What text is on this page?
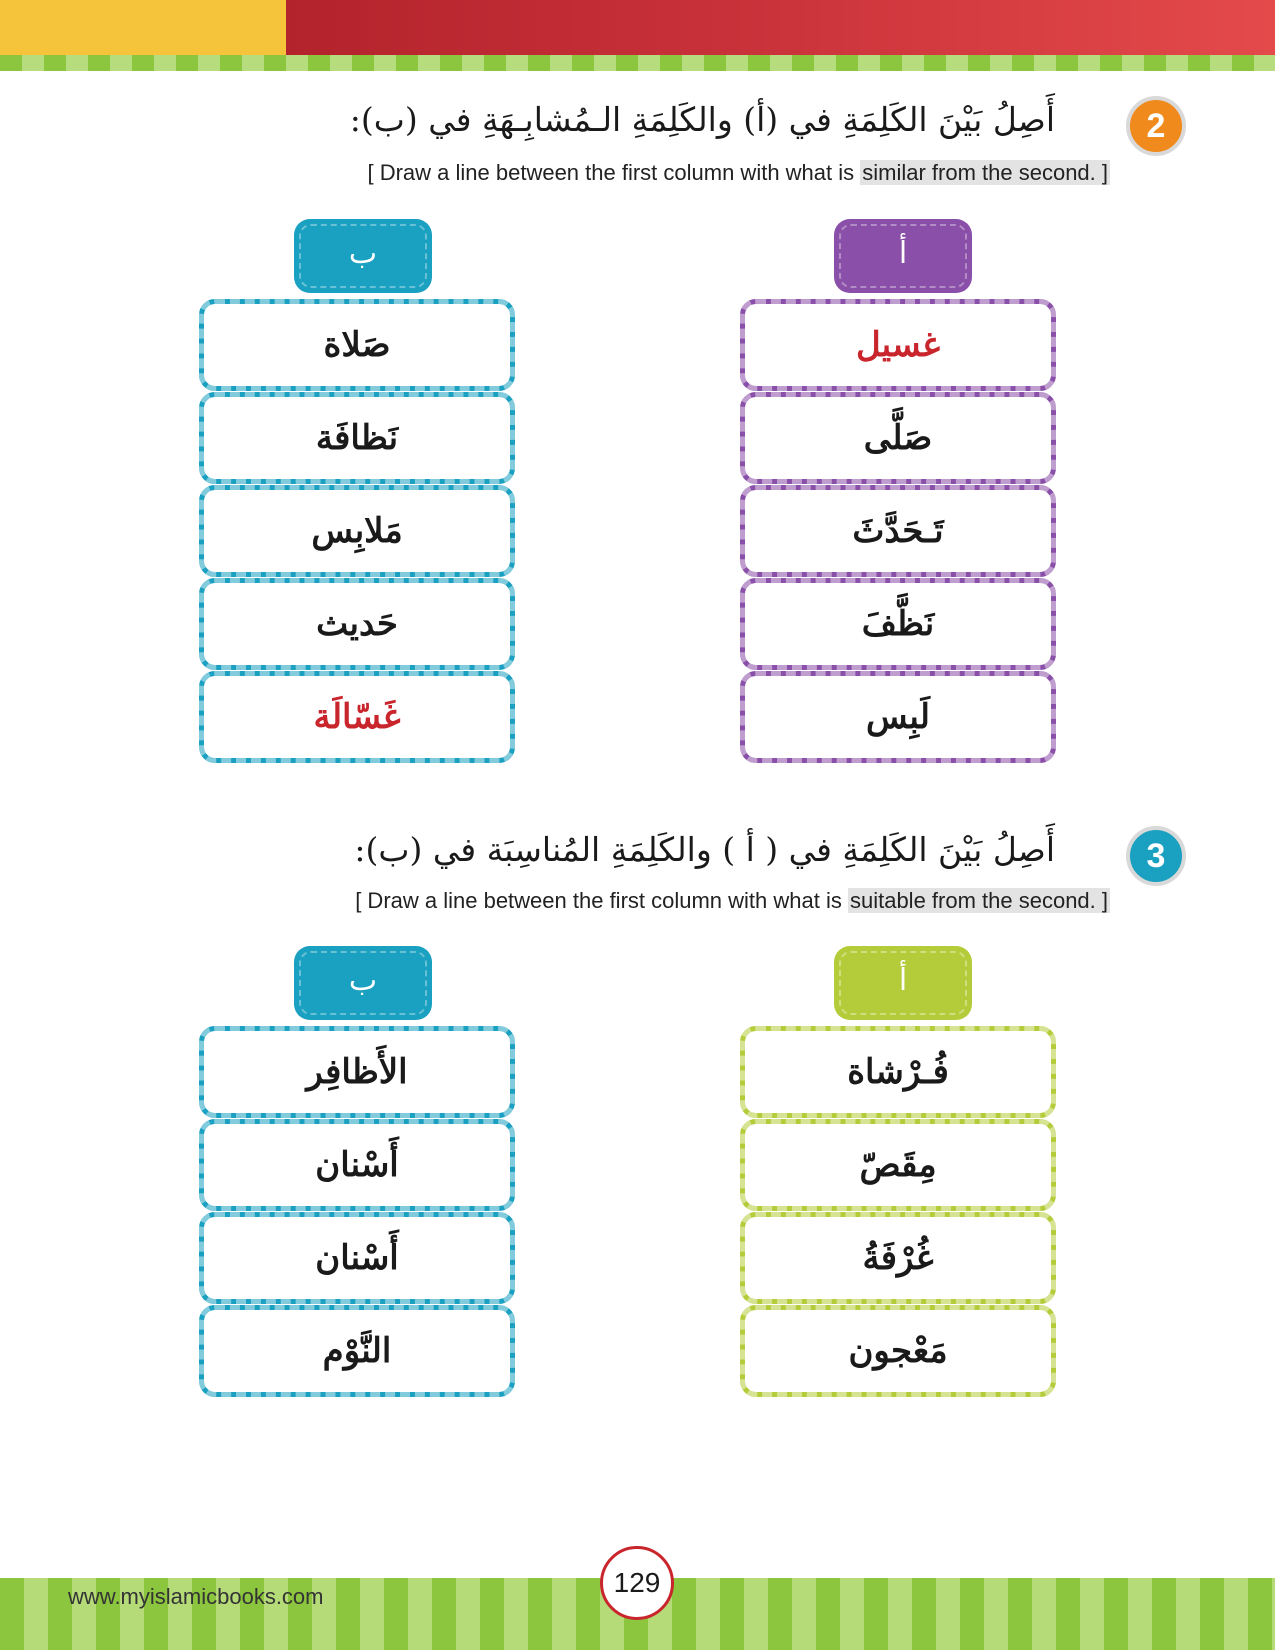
2
أَصِلُ بَيْنَ الكَلِمَةِ في (أ) والكَلِمَةِ الـمُشابِـهَةِ في (ب):
[ Draw a line between the first column with what is similar from the second. ]
ب
صَلاة
نَظافَة
مَلابِس
حَديث
غَسّالَة
أ
غسيل
صَلَّى
تَـحَدَّثَ
نَظَّفَ
لَبِس
3
أَصِلُ بَيْنَ الكَلِمَةِ في ( أ ) والكَلِمَةِ المُناسِبَة في (ب):
[ Draw a line between the first column with what is suitable from the second. ]
ب
الأَظافِر
أَسْنان
أَسْنان
النَّوْم
أ
فُـرْشاة
مِقَصّ
غُرْفَةُ
مَعْجون
www.myislamicbooks.com	129
